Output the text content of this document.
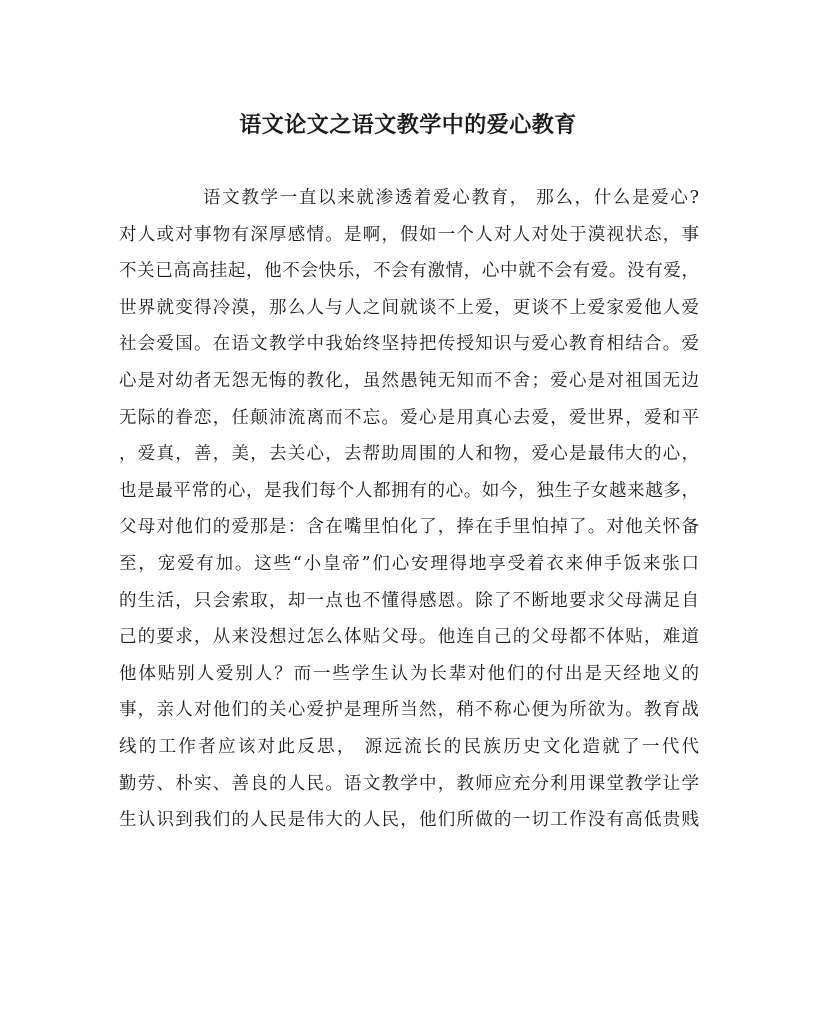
语文论文之语文教学中的爱心教育
语文教学一直以来就渗透着爱心教育， 那么，什么是爱心?
对人或对事物有深厚感情。是啊，假如一个人对人对处于漠视状态，事
不关已高高挂起，他不会快乐，不会有激情，心中就不会有爱。没有爱，
世界就变得冷漠，那么人与人之间就谈不上爱，更谈不上爱家爱他人爱
社会爱国。在语文教学中我始终坚持把传授知识与爱心教育相结合。爱
心是对幼者无怨无悔的教化，虽然愚钝无知而不舍；爱心是对祖国无边
无际的眷恋，任颠沛流离而不忘。爱心是用真心去爱，爱世界，爱和平
，爱真，善，美，去关心，去帮助周围的人和物，爱心是最伟大的心，
也是最平常的心，是我们每个人都拥有的心。如今，独生子女越来越多，
父母对他们的爱那是：含在嘴里怕化了，捧在手里怕掉了。对他关怀备
至，宠爱有加。这些“小皇帝”们心安理得地享受着衣来伸手饭来张口
的生活，只会索取，却一点也不懂得感恩。除了不断地要求父母满足自
己的要求，从来没想过怎么体贴父母。他连自己的父母都不体贴，难道
他体贴别人爱别人？而一些学生认为长辈对他们的付出是天经地义的
事，亲人对他们的关心爱护是理所当然，稍不称心便为所欲为。教育战
线的工作者应该对此反思， 源远流长的民族历史文化造就了一代代
勤劳、朴实、善良的人民。语文教学中，教师应充分利用课堂教学让学
生认识到我们的人民是伟大的人民，他们所做的一切工作没有高低贵贱
